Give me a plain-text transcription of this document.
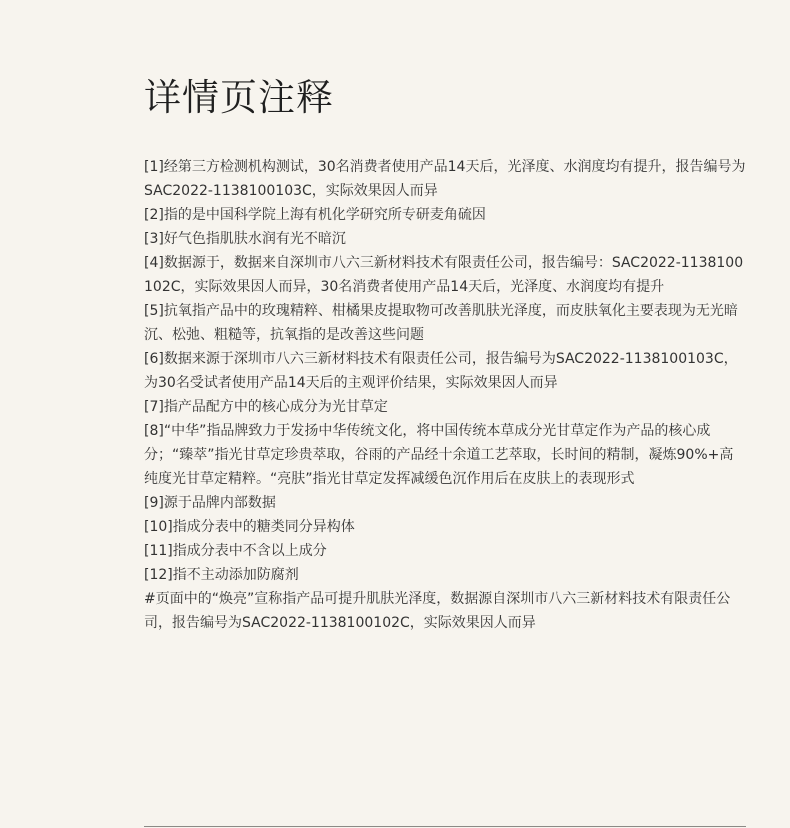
详情页注释

[1]经第三方检测机构测试，30名消费者使用产品14天后，光泽度、水润度均有提升，报告编号为SAC2022-1138100103C，实际效果因人而异

[2]指的是中国科学院上海有机化学研究所专研麦角硫因

[3]好气色指肌肤水润有光不暗沉

[4]数据源于，数据来自深圳市八六三新材料技术有限责任公司，报告编号：SAC2022-1138100102C，实际效果因人而异，30名消费者使用产品14天后，光泽度、水润度均有提升

[5]抗氧指产品中的玫瑰精粹、柑橘果皮提取物可改善肌肤光泽度，而皮肤氧化主要表现为无光暗沉、松弛、粗糙等，抗氧指的是改善这些问题

[6]数据来源于深圳市八六三新材料技术有限责任公司，报告编号为SAC2022-1138100103C，为30名受试者使用产品14天后的主观评价结果，实际效果因人而异

[7]指产品配方中的核心成分为光甘草定

[8]“中华”指品牌致力于发扬中华传统文化，将中国传统本草成分光甘草定作为产品的核心成分；“臻萃”指光甘草定珍贵萃取，谷雨的产品经十余道工艺萃取，长时间的精制，凝炼90%+高纯度光甘草定精粹。“亮肤”指光甘草定发挥减缓色沉作用后在皮肤上的表现形式

[9]源于品牌内部数据

[10]指成分表中的糖类同分异构体

[11]指成分表中不含以上成分

[12]指不主动添加防腐剂

#页面中的“焕亮”宣称指产品可提升肌肤光泽度，数据源自深圳市八六三新材料技术有限责任公司，报告编号为SAC2022-1138100102C，实际效果因人而异
